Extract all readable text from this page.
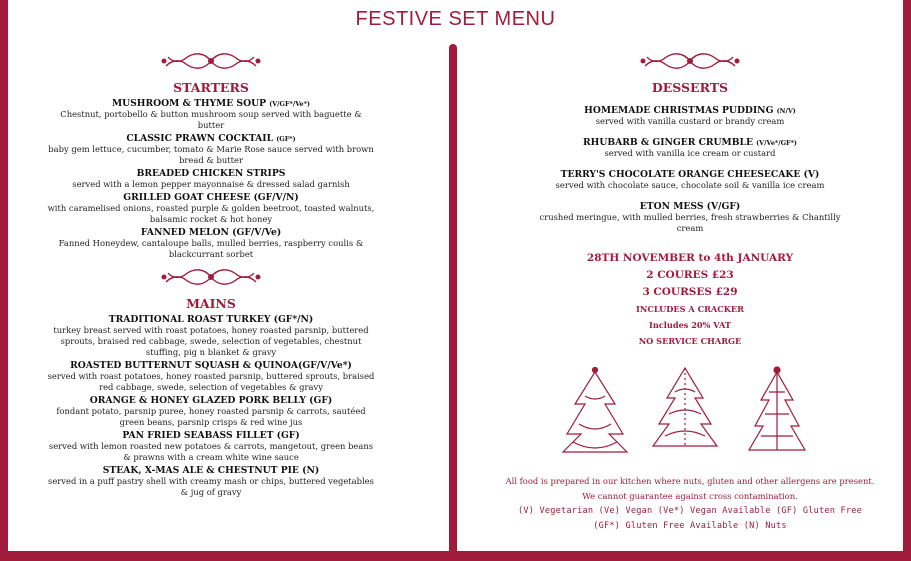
FESTIVE SET MENU
STARTERS
MUSHROOM & THYME SOUP (V/GF*/Ve*)
Chestnut, portobello & button mushroom soup served with baguette & butter
CLASSIC PRAWN COCKTAIL (GF*)
baby gem lettuce, cucumber, tomato & Marie Rose sauce served with brown bread & butter
BREADED CHICKEN STRIPS
served with a lemon pepper mayonnaise & dressed salad garnish
GRILLED GOAT CHEESE (GF/V/N)
with caramelised onions, roasted purple & golden beetroot, toasted walnuts, balsamic rocket & hot honey
FANNED MELON (GF/V/Ve)
Fanned Honeydew, cantaloupe balls, mulled berries, raspberry coulis & blackcurrant sorbet
MAINS
TRADITIONAL ROAST TURKEY (GF*/N)
turkey breast served with roast potatoes, honey roasted parsnip, buttered sprouts, braised red cabbage, swede, selection of vegetables, chestnut stuffing, pig n blanket & gravy
ROASTED BUTTERNUT SQUASH & QUINOA(GF/V/Ve*)
served with roast potatoes, honey roasted parsnip, buttered sprouts, braised red cabbage, swede, selection of vegetables & gravy
ORANGE & HONEY GLAZED PORK BELLY (GF)
fondant potato, parsnip puree, honey roasted parsnip & carrots, sautéed green beans, parsnip crisps & red wine jus
PAN FRIED SEABASS FILLET (GF)
served with lemon roasted new potatoes & carrots, mangetout, green beans & prawns with a cream white wine sauce
STEAK, X-MAS ALE & CHESTNUT PIE (N)
served in a puff pastry shell with creamy mash or chips, buttered vegetables & jug of gravy
DESSERTS
HOMEMADE CHRISTMAS PUDDING (N/V)
served with vanilla custard or brandy cream
RHUBARB & GINGER CRUMBLE (V/Ve*/GF*)
served with vanilla ice cream or custard
TERRY'S CHOCOLATE ORANGE CHEESECAKE (V)
served with chocolate sauce, chocolate soil & vanilla ice cream
ETON MESS (V/GF)
crushed meringue, with mulled berries, fresh strawberries & Chantilly cream
28TH NOVEMBER to 4th JANUARY
2 COURES £23
3 COURSES £29
INCLUDES A CRACKER
Includes 20% VAT
NO SERVICE CHARGE
All food is prepared in our kitchen where nuts, gluten and other allergens are present.
We cannot guarantee against cross contamination.
(V) Vegetarian (Ve) Vegan (Ve*) Vegan Available (GF) Gluten Free
(GF*) Gluten Free Available (N) Nuts
